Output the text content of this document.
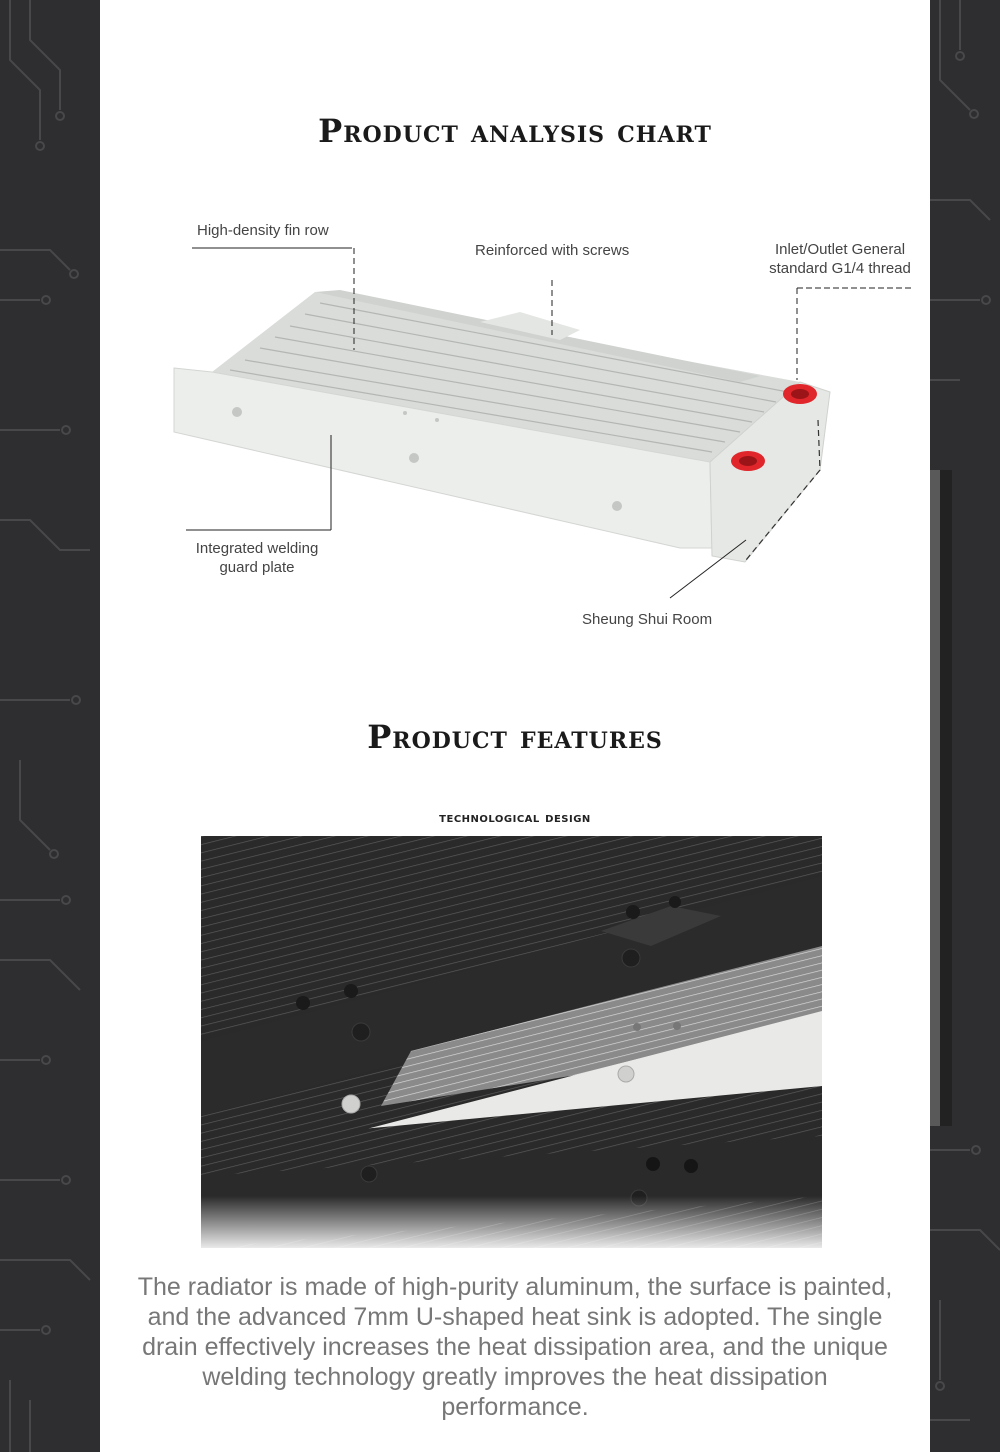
Product analysis chart
High-density fin row
Reinforced with screws	Inlet/Outlet General
standard G1/4 thread
Integrated welding
guard plate
Sheung Shui Room
Product features
technological design
The radiator is made of high-purity aluminum, the surface is painted, and the advanced 7mm U-shaped heat sink is adopted. The single drain effectively increases the heat dissipation area, and the unique welding technology greatly improves the heat dissipation performance.
